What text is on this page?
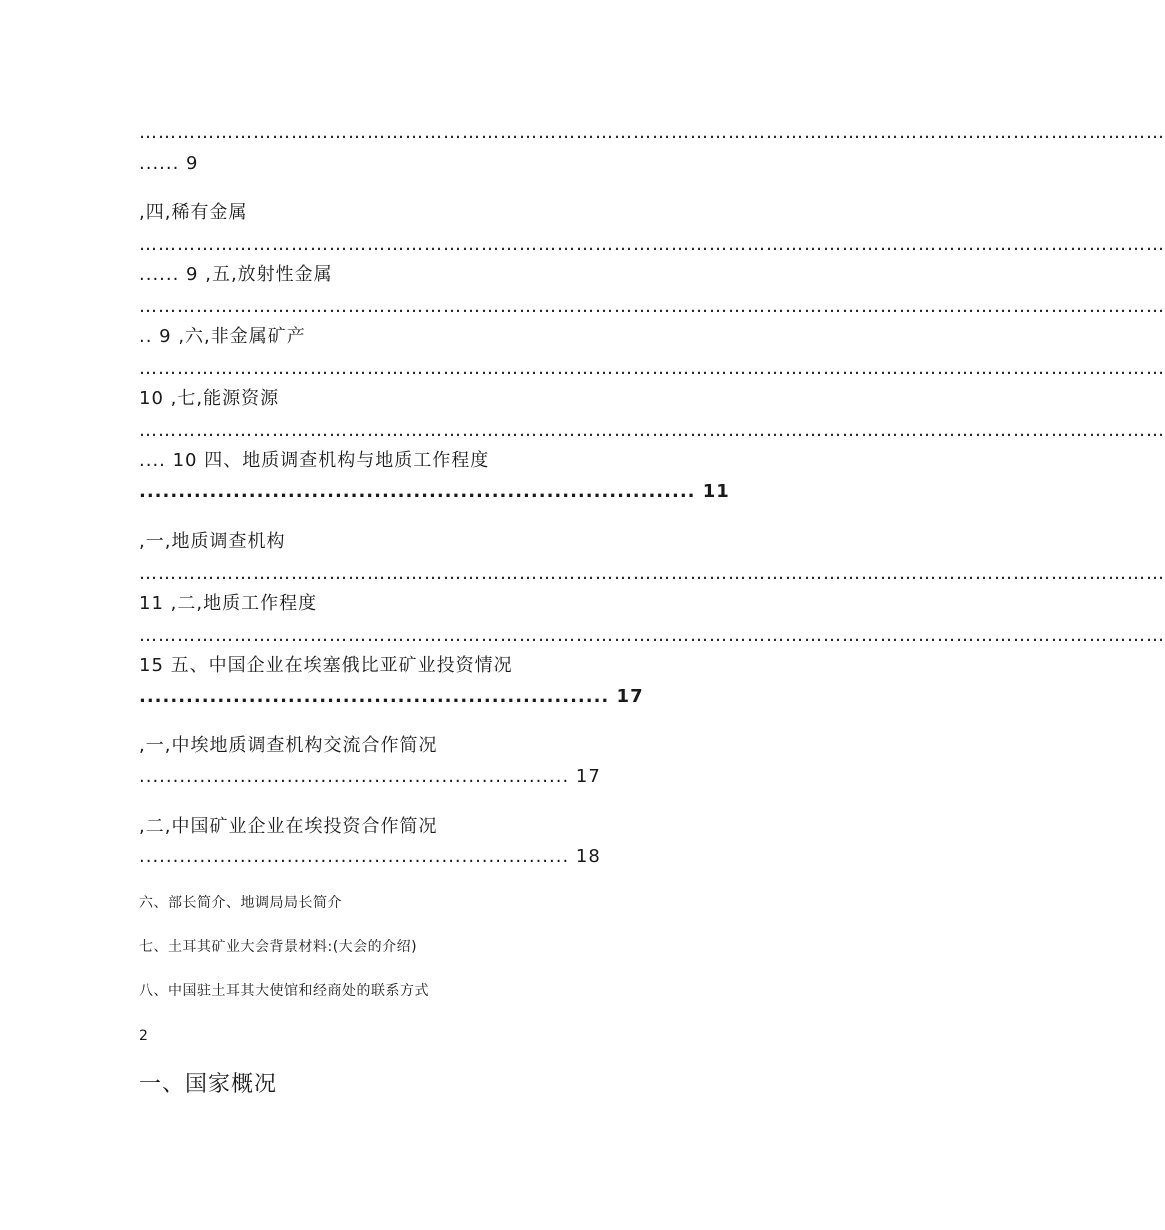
………………………………………………………………………………………………………………………………………………
...... 9
,四,稀有金属
………………………………………………………………………………………………………………………………………………
...... 9 ,五,放射性金属
………………………………………………………………………………………………………………………………………………
.. 9 ,六,非金属矿产
………………………………………………………………………………………………………………………………………………
10 ,七,能源资源
………………………………………………………………………………………………………………………………………………
.... 10 四、地质调查机构与地质工作程度
....................................................................... 11
,一,地质调查机构
………………………………………………………………………………………………………………………………………………
11 ,二,地质工作程度
………………………………………………………………………………………………………………………………………………
15 五、中国企业在埃塞俄比亚矿业投资情况
............................................................ 17
,一,中埃地质调查机构交流合作简况
................................................................ 17
,二,中国矿业企业在埃投资合作简况
................................................................ 18
六、部长简介、地调局局长简介
七、土耳其矿业大会背景材料:(大会的介绍)
八、中国驻土耳其大使馆和经商处的联系方式
2
一、国家概况
